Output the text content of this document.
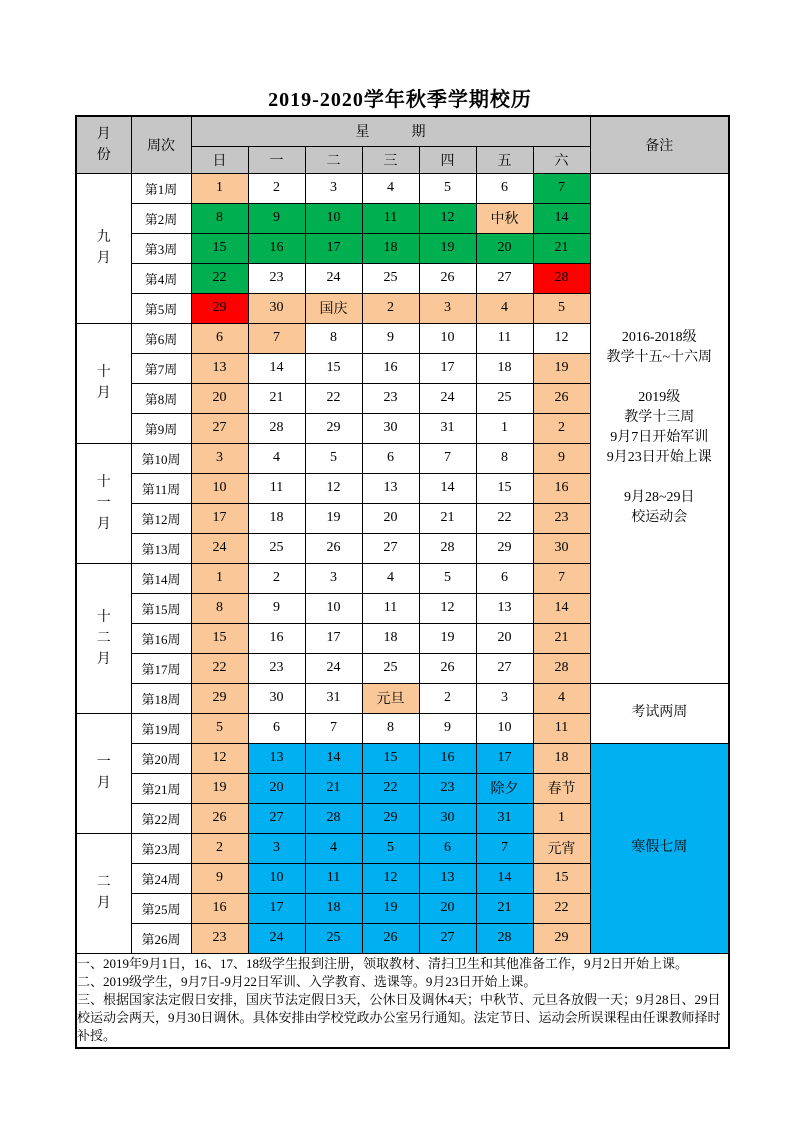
2019-2020学年秋季学期校历
月份	周次	星　　　期							备注
		日	一	二	三	四	五	六	

九月
	第1周	1	2	3	4	5	6	7	
2016-2018级
教学十五~十六周

2019级
教学十三周
9月7日开始军训
9月23日开始上课

9月28~29日
校运动会

	第2周	8	9	10	11	12	中秋	14	
	第3周	15	16	17	18	19	20	21	
	第4周	22	23	24	25	26	27	28	
	第5周	29	30	国庆	2	3	4	5	

十月	第6周	6	7	8	9	10	11	12	
	第7周	13	14	15	16	17	18	19	
	第8周	20	21	22	23	24	25	26	
	第9周	27	28	29	30	31	1	2	

十一月	第10周	3	4	5	6	7	8	9	
	第11周	10	11	12	13	14	15	16	
	第12周	17	18	19	20	21	22	23	
	第13周	24	25	26	27	28	29	30	

十二月	第14周	1	2	3	4	5	6	7	
	第15周	8	9	10	11	12	13	14	
	第16周	15	16	17	18	19	20	21	
	第17周	22	23	24	25	26	27	28	
	第18周	29	30	31	元旦	2	3	4	考试两周

一月	第19周	5	6	7	8	9	10	11	
	第20周	12	13	14	15	16	17	18	寒假七周

	第21周	19	20	21	22	23	除夕	春节	
	第22周	26	27	28	29	30	31	1	

二月	第23周	2	3	4	5	6	7	元宵	
	第24周	9	10	11	12	13	14	15	
	第25周	16	17	18	19	20	21	22	
	第26周	23	24	25	26	27	28	29	

一、2019年9月1日，16、17、18级学生报到注册，领取教材、清扫卫生和其他准备工作，9月2日开始上课。
二、2019级学生，9月7日-9月22日军训、入学教育、选课等。9月23日开始上课。
三、根据国家法定假日安排，国庆节法定假日3天，公休日及调休4天；中秋节、元旦各放假一天；9月28日、29日校运动会两天，9月30日调休。具体安排由学校党政办公室另行通知。法定节日、运动会所误课程由任课教师择时补授。									
